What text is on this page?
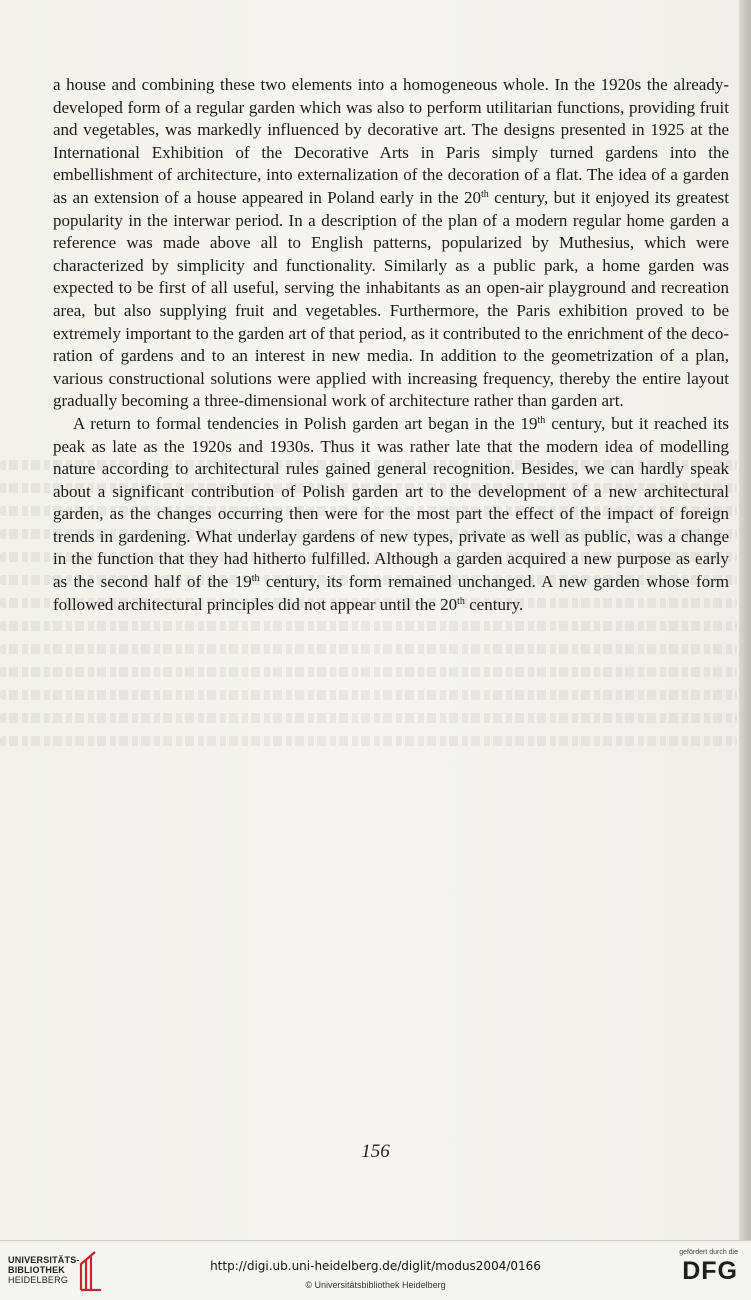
a house and combining these two elements into a homogeneous whole. In the 1920s the already-developed form of a regular garden which was also to perform utilitarian functions, providing fruit and vegetables, was markedly influenced by decorative art. The designs presented in 1925 at the International Exhibition of the Decorative Arts in Paris simply turned gardens into the embellishment of architecture, into externalization of the decoration of a flat. The idea of a garden as an extension of a house appeared in Poland early in the 20th century, but it enjoyed its greatest popularity in the interwar period. In a description of the plan of a modern regular home garden a reference was made above all to English patterns, popularized by Muthesius, which were characterized by simplicity and functionality. Similarly as a public park, a home garden was expected to be first of all useful, serving the inhabitants as an open-air playground and recreation area, but also supplying fruit and vegetables. Furthermore, the Paris exhibition proved to be extremely important to the garden art of that period, as it contributed to the enrichment of the decoration of gardens and to an interest in new media. In addition to the geometrization of a plan, various constructional solutions were applied with increasing frequency, thereby the entire layout gradually becoming a three-dimensional work of architecture rather than garden art.

A return to formal tendencies in Polish garden art began in the 19th century, but it reached its peak as late as the 1920s and 1930s. Thus it was rather late that the modern idea of modelling nature according to architectural rules gained general recognition. Besides, we can hardly speak about a significant contribution of Polish garden art to the development of a new architectural garden, as the changes occurring then were for the most part the effect of the impact of foreign trends in gardening. What underlay gardens of new types, private as well as public, was a change in the function that they had hitherto fulfilled. Although a garden acquired a new purpose as early as the second half of the 19th century, its form remained unchanged. A new garden whose form followed architectural principles did not appear until the 20th century.

156
UNIVERSITÄTS-
BIBLIOTHEK
HEIDELBERG
http://digi.ub.uni-heidelberg.de/diglit/modus2004/0166
© Universitätsbibliothek Heidelberg
gefördert durch die
DFG
